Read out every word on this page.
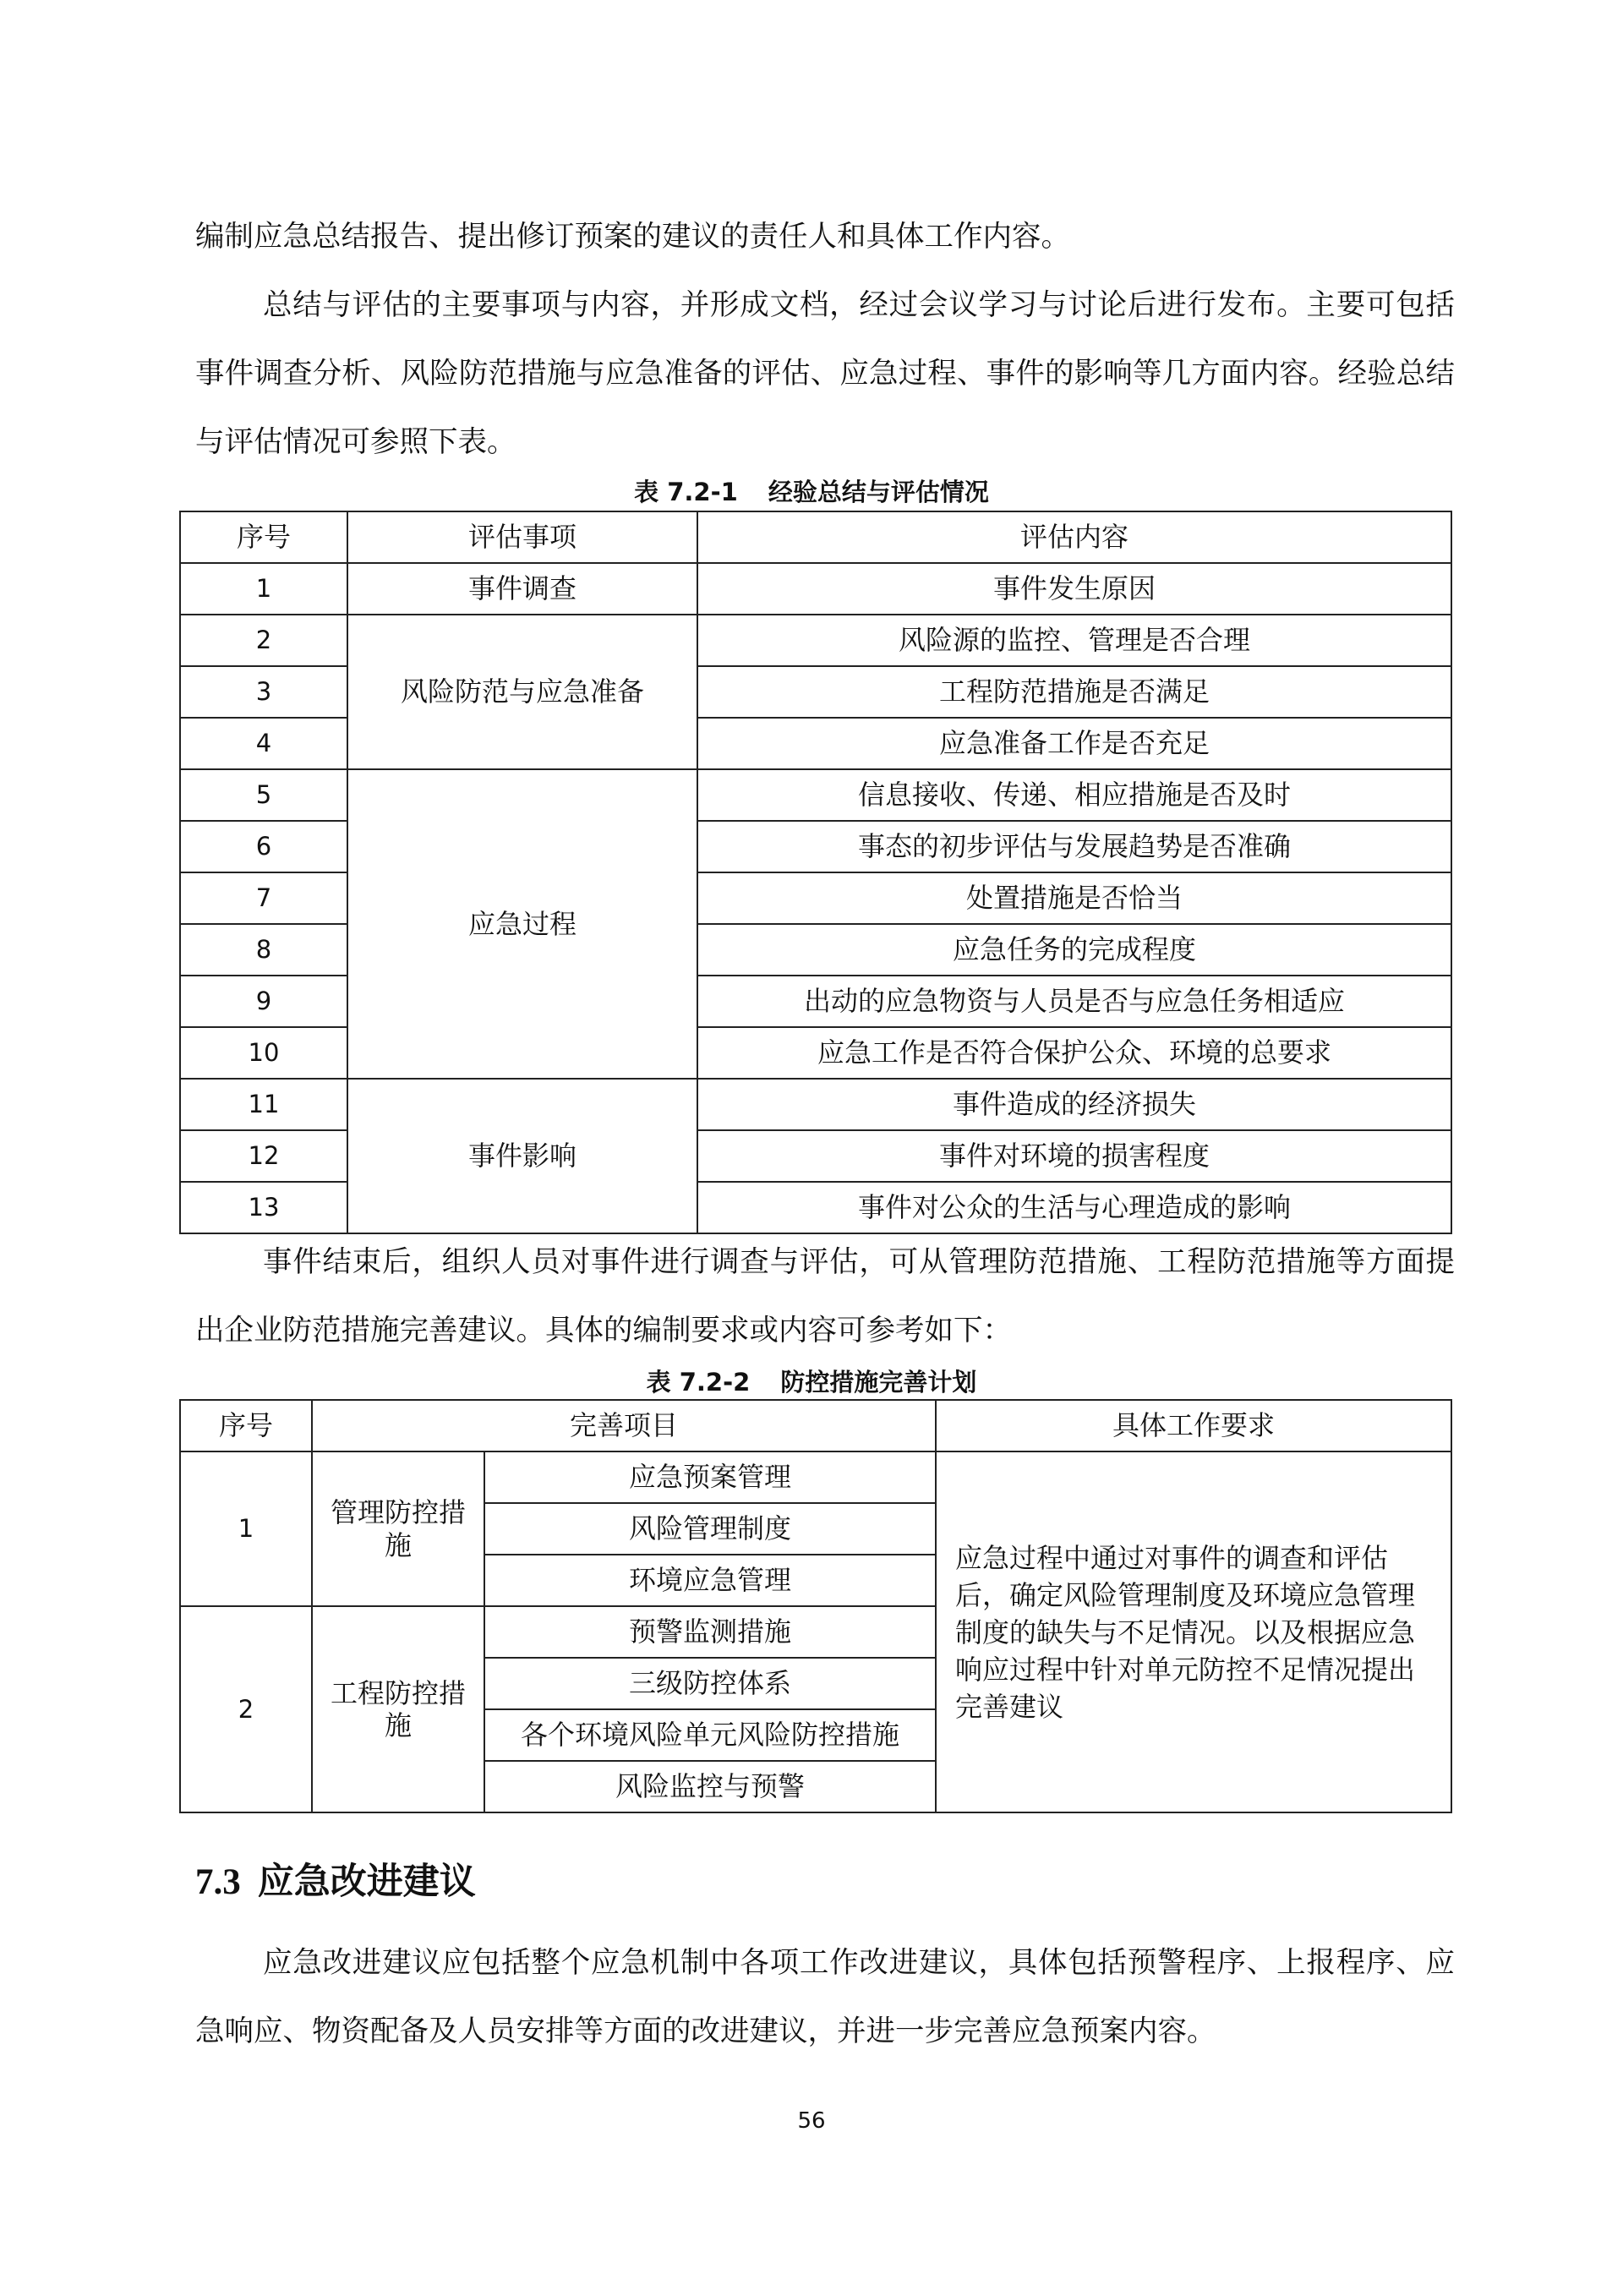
编制应急总结报告、提出修订预案的建议的责任人和具体工作内容。

总结与评估的主要事项与内容，并形成文档，经过会议学习与讨论后进行发布。主要可包括事件调查分析、风险防范措施与应急准备的评估、应急过程、事件的影响等几方面内容。经验总结与评估情况可参照下表。

表 7.2-1 经验总结与评估情况
序号	评估事项	评估内容
1	事件调查	事件发生原因
2	风险防范与应急准备	风险源的监控、管理是否合理
3		工程防范措施是否满足
4		应急准备工作是否充足
5	应急过程	信息接收、传递、相应措施是否及时
6		事态的初步评估与发展趋势是否准确
7		处置措施是否恰当
8		应急任务的完成程度
9		出动的应急物资与人员是否与应急任务相适应
10		应急工作是否符合保护公众、环境的总要求
11	事件影响	事件造成的经济损失
12		事件对环境的损害程度
13		事件对公众的生活与心理造成的影响

事件结束后，组织人员对事件进行调查与评估，可从管理防范措施、工程防范措施等方面提出企业防范措施完善建议。具体的编制要求或内容可参考如下：

表 7.2-2 防控措施完善计划
序号	完善项目		具体工作要求
1	管理防控措施	应急预案管理	应急过程中通过对事件的调查和评估后，确定风险管理制度及环境应急管理制度的缺失与不足情况。以及根据应急响应过程中针对单元防控不足情况提出完善建议
		风险管理制度	
		环境应急管理	
2	工程防控措施	预警监测措施	
		三级防控体系	
		各个环境风险单元风险防控措施	
		风险监控与预警	
7.3 应急改进建议

应急改进建议应包括整个应急机制中各项工作改进建议，具体包括预警程序、上报程序、应急响应、物资配备及人员安排等方面的改进建议，并进一步完善应急预案内容。

56
